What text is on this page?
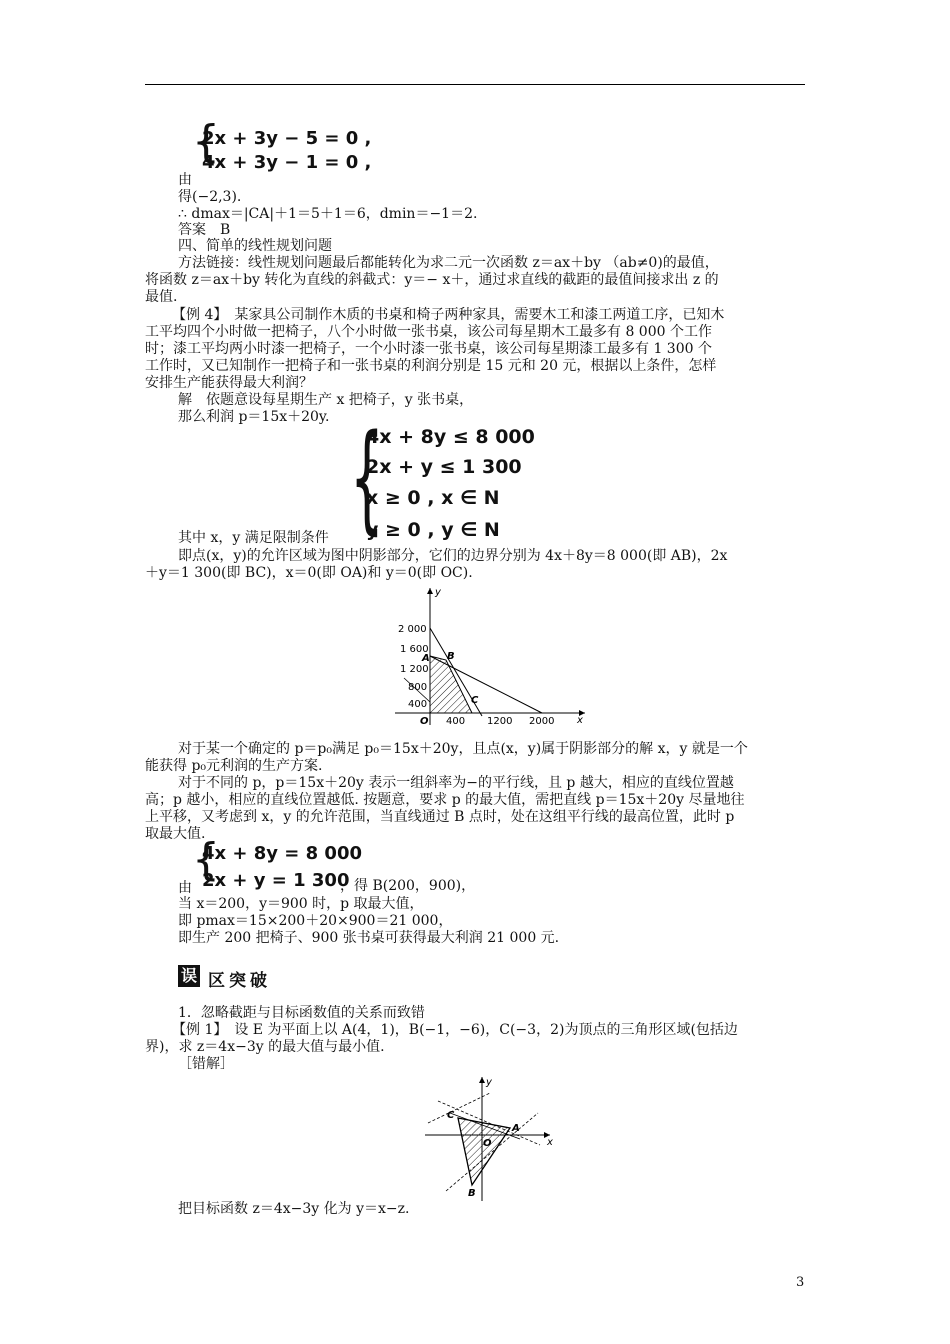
{
2x + 3y − 5 = 0 ,
4x + 3y − 1 = 0 ,
由
得(−2,3).
∴ dmax＝|CA|＋1＝5＋1＝6，dmin＝−1＝2.
答案　B
四、简单的线性规划问题
方法链接：线性规划问题最后都能转化为求二元一次函数 z＝ax＋by （ab≠0)的最值，
将函数 z＝ax＋by 转化为直线的斜截式：y＝− x＋，通过求直线的截距的最值间接求出 z 的
最值.
【例 4】　某家具公司制作木质的书桌和椅子两种家具，需要木工和漆工两道工序，已知木
工平均四个小时做一把椅子，八个小时做一张书桌，该公司每星期木工最多有 8 000 个工作
时；漆工平均两小时漆一把椅子，一个小时漆一张书桌，该公司每星期漆工最多有 1 300 个
工作时，又已知制作一把椅子和一张书桌的利润分别是 15 元和 20 元，根据以上条件，怎样
安排生产能获得最大利润？
解　依题意设每星期生产 x 把椅子，y 张书桌，
那么利润 p＝15x＋20y. {
4x + 8y ≤ 8 000
2x + y ≤ 1 300
x ≥ 0 , x ∈ N
y ≥ 0 , y ∈ N
其中 x，y 满足限制条件
即点(x，y)的允许区域为图中阴影部分，它们的边界分别为 4x＋8y＝8 000(即 AB)，2x
＋y＝1 300(即 BC)，x＝0(即 OA)和 y＝0(即 OC).
2 000
1 600
1 200
800
400
400 1200 2000 x
y
O
A B
C
对于某一个确定的 p＝p₀满足 p₀＝15x＋20y，且点(x，y)属于阴影部分的解 x，y 就是一个
能获得 p₀元利润的生产方案.
对于不同的 p，p＝15x＋20y 表示一组斜率为−的平行线，且 p 越大，相应的直线位置越
高；p 越小，相应的直线位置越低. 按题意，要求 p 的最大值，需把直线 p＝15x＋20y 尽量地往
上平移，又考虑到 x，y 的允许范围，当直线通过 B 点时，处在这组平行线的最高位置，此时 p
取最大值.
{
4x + 8y = 8 000
2x + y = 1 300
由	，得 B(200，900)，
当 x＝200，y＝900 时，p 取最大值，
即 pmax＝15×200＋20×900＝21 000，
即生产 200 把椅子、900 张书桌可获得最大利润 21 000 元.
误 区突破
1．忽略截距与目标函数值的关系而致错
【例 1】　设 E 为平面上以 A(4，1)，B(−1，−6)，C(−3，2)为顶点的三角形区域(包括边
界)，求 z＝4x−3y 的最大值与最小值.
［错解］
x
y
C
A
O
B
把目标函数 z＝4x−3y 化为 y＝x−z.
3
